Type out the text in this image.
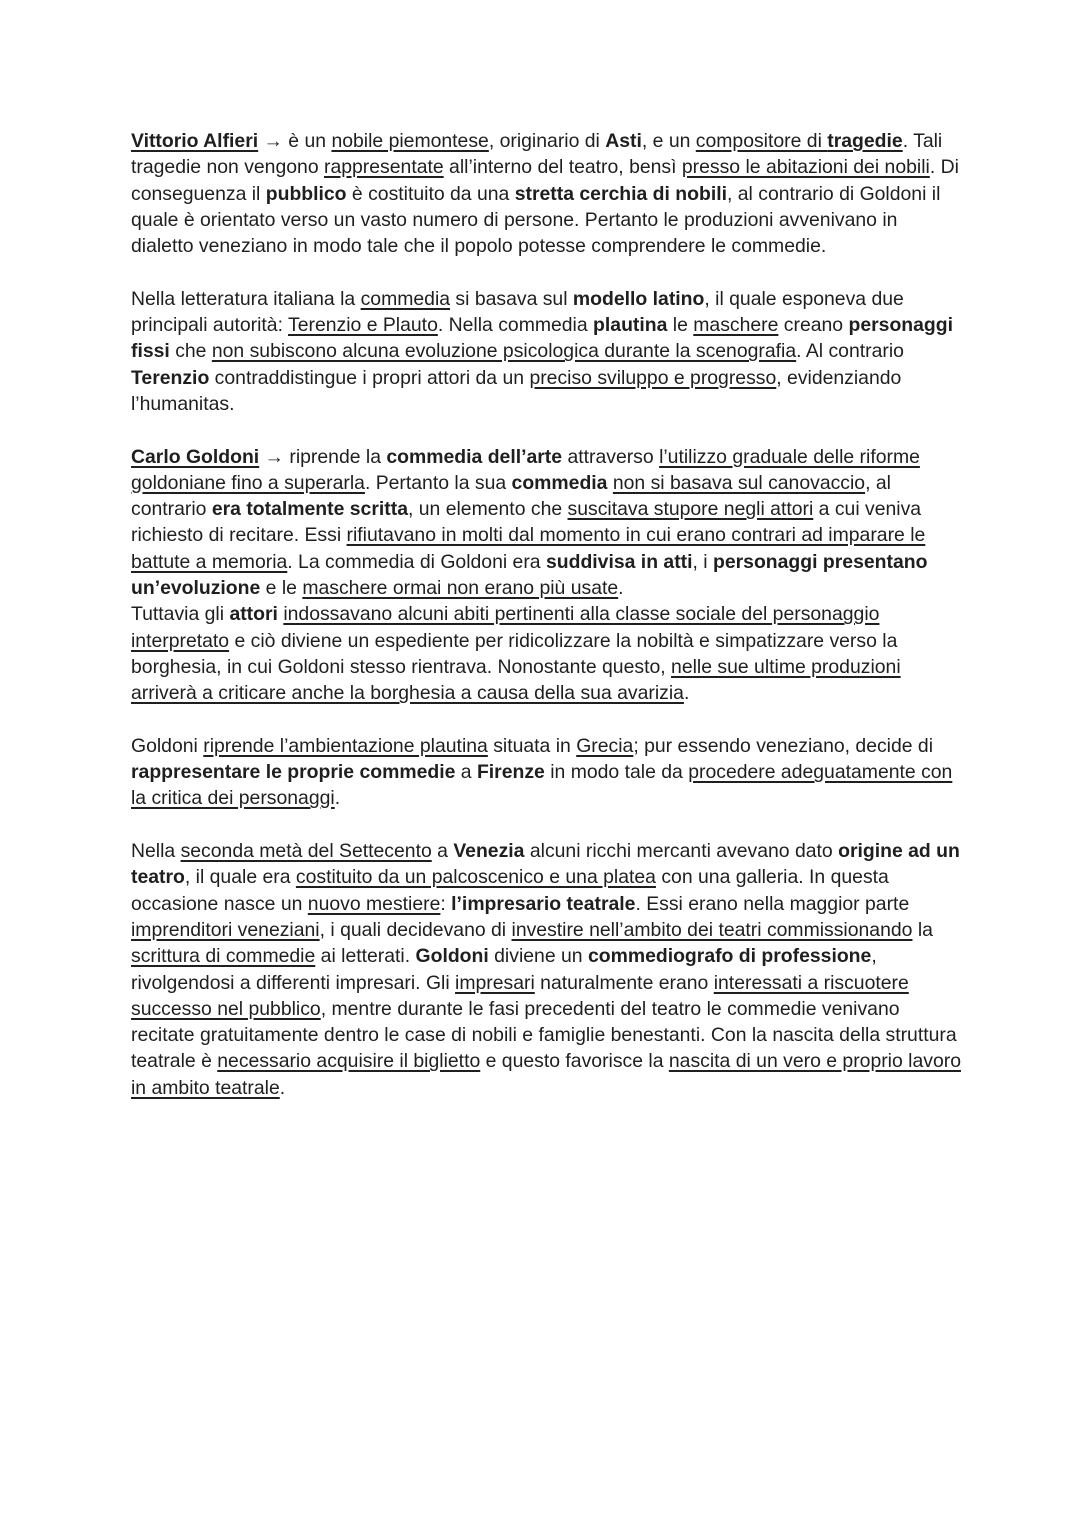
Vittorio Alfieri → è un nobile piemontese, originario di Asti, e un compositore di tragedie. Tali tragedie non vengono rappresentate all’interno del teatro, bensì presso le abitazioni dei nobili. Di conseguenza il pubblico è costituito da una stretta cerchia di nobili, al contrario di Goldoni il quale è orientato verso un vasto numero di persone. Pertanto le produzioni avvenivano in dialetto veneziano in modo tale che il popolo potesse comprendere le commedie.

Nella letteratura italiana la commedia si basava sul modello latino, il quale esponeva due principali autorità: Terenzio e Plauto. Nella commedia plautina le maschere creano personaggi fissi che non subiscono alcuna evoluzione psicologica durante la scenografia. Al contrario Terenzio contraddistingue i propri attori da un preciso sviluppo e progresso, evidenziando l’humanitas.

Carlo Goldoni → riprende la commedia dell’arte attraverso l’utilizzo graduale delle riforme goldoniane fino a superarla. Pertanto la sua commedia non si basava sul canovaccio, al contrario era totalmente scritta, un elemento che suscitava stupore negli attori a cui veniva richiesto di recitare. Essi rifiutavano in molti dal momento in cui erano contrari ad imparare le battute a memoria. La commedia di Goldoni era suddivisa in atti, i personaggi presentano un’evoluzione e le maschere ormai non erano più usate.
Tuttavia gli attori indossavano alcuni abiti pertinenti alla classe sociale del personaggio interpretato e ciò diviene un espediente per ridicolizzare la nobiltà e simpatizzare verso la borghesia, in cui Goldoni stesso rientrava. Nonostante questo, nelle sue ultime produzioni arriverà a criticare anche la borghesia a causa della sua avarizia.

Goldoni riprende l’ambientazione plautina situata in Grecia; pur essendo veneziano, decide di rappresentare le proprie commedie a Firenze in modo tale da procedere adeguatamente con la critica dei personaggi.

Nella seconda metà del Settecento a Venezia alcuni ricchi mercanti avevano dato origine ad un teatro, il quale era costituito da un palcoscenico e una platea con una galleria. In questa occasione nasce un nuovo mestiere: l’impresario teatrale. Essi erano nella maggior parte imprenditori veneziani, i quali decidevano di investire nell’ambito dei teatri commissionando la scrittura di commedie ai letterati. Goldoni diviene un commediografo di professione, rivolgendosi a differenti impresari. Gli impresari naturalmente erano interessati a riscuotere successo nel pubblico, mentre durante le fasi precedenti del teatro le commedie venivano recitate gratuitamente dentro le case di nobili e famiglie benestanti. Con la nascita della struttura teatrale è necessario acquisire il biglietto e questo favorisce la nascita di un vero e proprio lavoro in ambito teatrale.
